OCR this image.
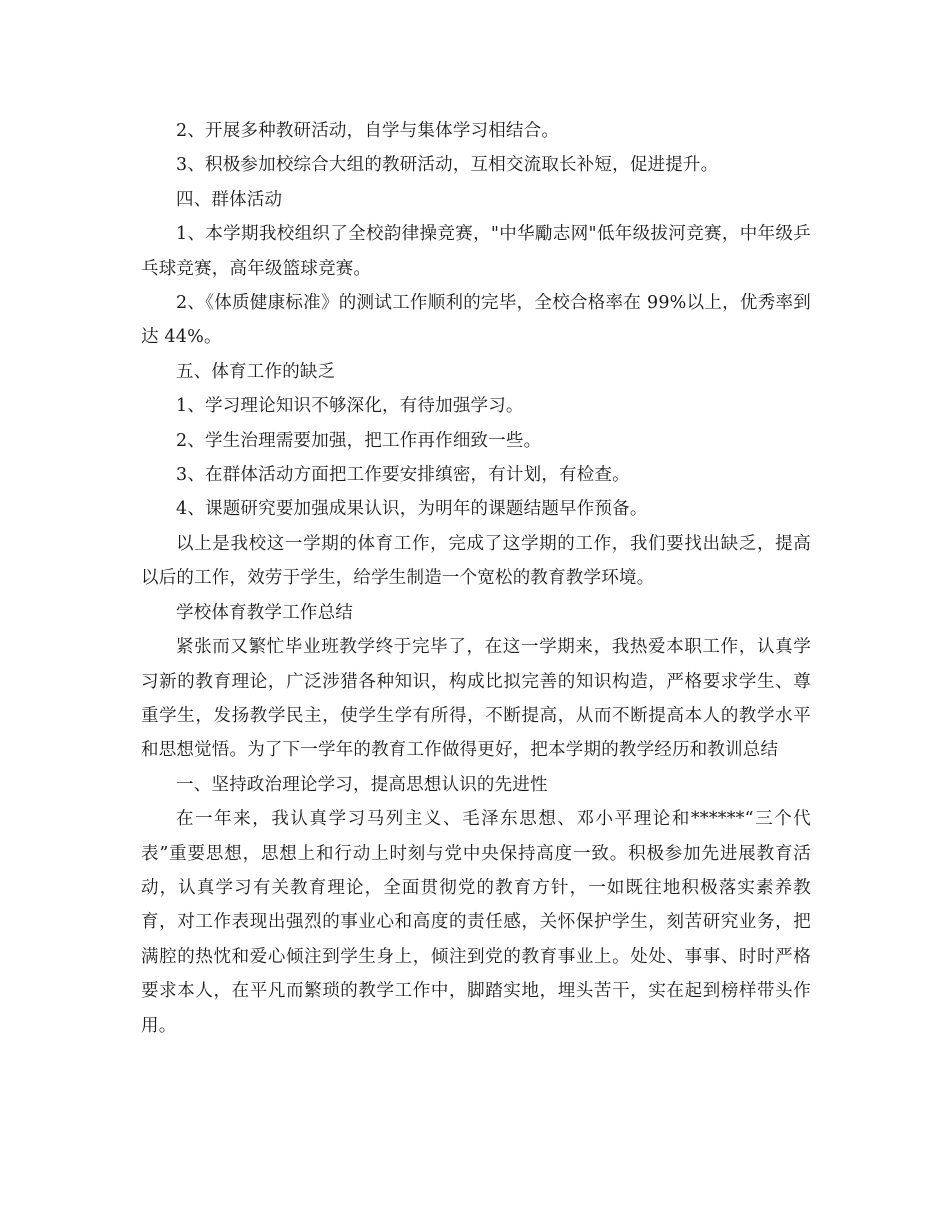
2、开展多种教研活动，自学与集体学习相结合。

3、积极参加校综合大组的教研活动，互相交流取长补短，促进提升。

四、群体活动

1、本学期我校组织了全校韵律操竞赛，"中华勵志网"低年级拔河竞赛，中年级乒乓球竞赛，高年级篮球竞赛。

2、《体质健康标准》的测试工作顺利的完毕，全校合格率在 99%以上，优秀率到达 44%。

五、体育工作的缺乏

1、学习理论知识不够深化，有待加强学习。

2、学生治理需要加强，把工作再作细致一些。

3、在群体活动方面把工作要安排缜密，有计划，有检查。

4、课题研究要加强成果认识，为明年的课题结题早作预备。

以上是我校这一学期的体育工作，完成了这学期的工作，我们要找出缺乏，提高以后的工作，效劳于学生，给学生制造一个宽松的教育教学环境。

学校体育教学工作总结

紧张而又繁忙毕业班教学终于完毕了，在这一学期来，我热爱本职工作，认真学习新的教育理论，广泛涉猎各种知识，构成比拟完善的知识构造，严格要求学生、尊重学生，发扬教学民主，使学生学有所得，不断提高，从而不断提高本人的教学水平和思想觉悟。为了下一学年的教育工作做得更好，把本学期的教学经历和教训总结

一、坚持政治理论学习，提高思想认识的先进性

在一年来，我认真学习马列主义、毛泽东思想、邓小平理论和******“三个代表”重要思想，思想上和行动上时刻与党中央保持高度一致。积极参加先进展教育活动，认真学习有关教育理论，全面贯彻党的教育方针，一如既往地积极落实素养教育，对工作表现出强烈的事业心和高度的责任感，关怀保护学生，刻苦研究业务，把满腔的热忱和爱心倾注到学生身上，倾注到党的教育事业上。处处、事事、时时严格要求本人，在平凡而繁琐的教学工作中，脚踏实地，埋头苦干，实在起到榜样带头作用。
